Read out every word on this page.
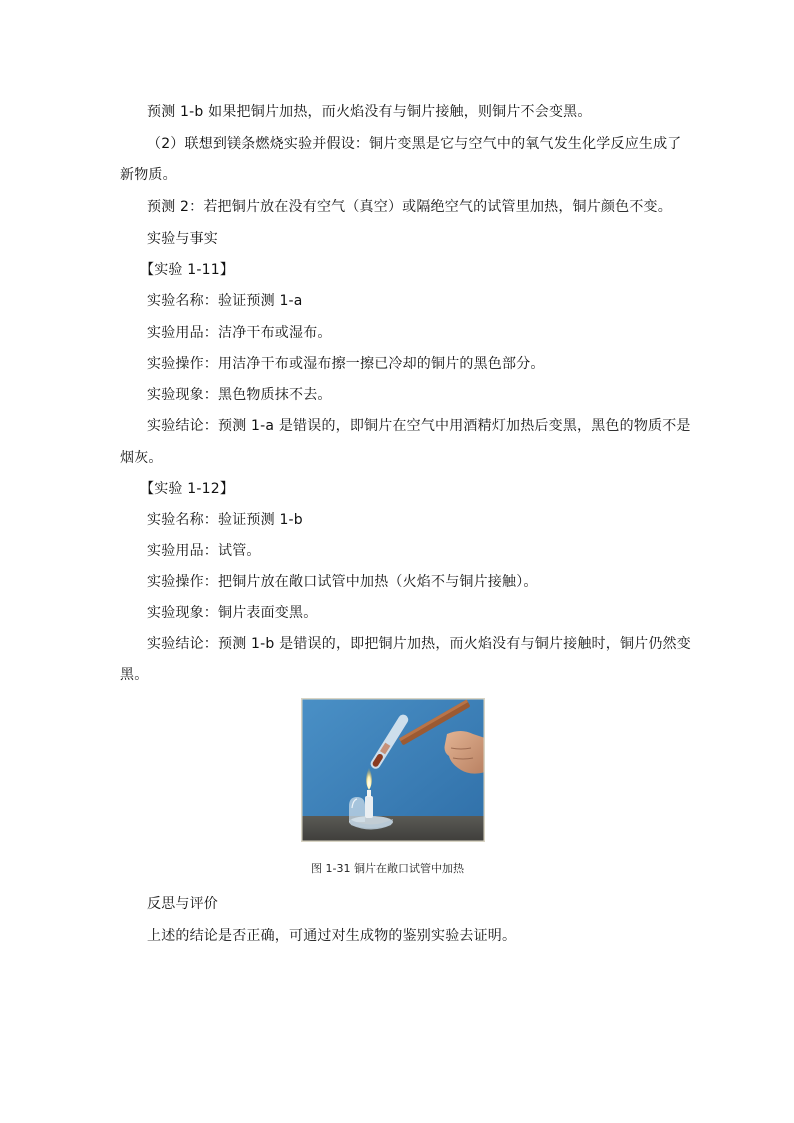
预测 1-b 如果把铜片加热，而火焰没有与铜片接触，则铜片不会变黑。
（2）联想到镁条燃烧实验并假设：铜片变黑是它与空气中的氧气发生化学反应生成了
新物质。
预测 2：若把铜片放在没有空气（真空）或隔绝空气的试管里加热，铜片颜色不变。
实验与事实
【实验 1-11】
实验名称：验证预测 1-a
实验用品：洁净干布或湿布。
实验操作：用洁净干布或湿布擦一擦已冷却的铜片的黑色部分。
实验现象：黑色物质抹不去。
实验结论：预测 1-a 是错误的，即铜片在空气中用酒精灯加热后变黑，黑色的物质不是
烟灰。
【实验 1-12】
实验名称：验证预测 1-b
实验用品：试管。
实验操作：把铜片放在敞口试管中加热（火焰不与铜片接触）。
实验现象：铜片表面变黑。
实验结论：预测 1-b 是错误的，即把铜片加热，而火焰没有与铜片接触时，铜片仍然变
黑。
图 1-31 铜片在敞口试管中加热
反思与评价
上述的结论是否正确，可通过对生成物的鉴别实验去证明。
